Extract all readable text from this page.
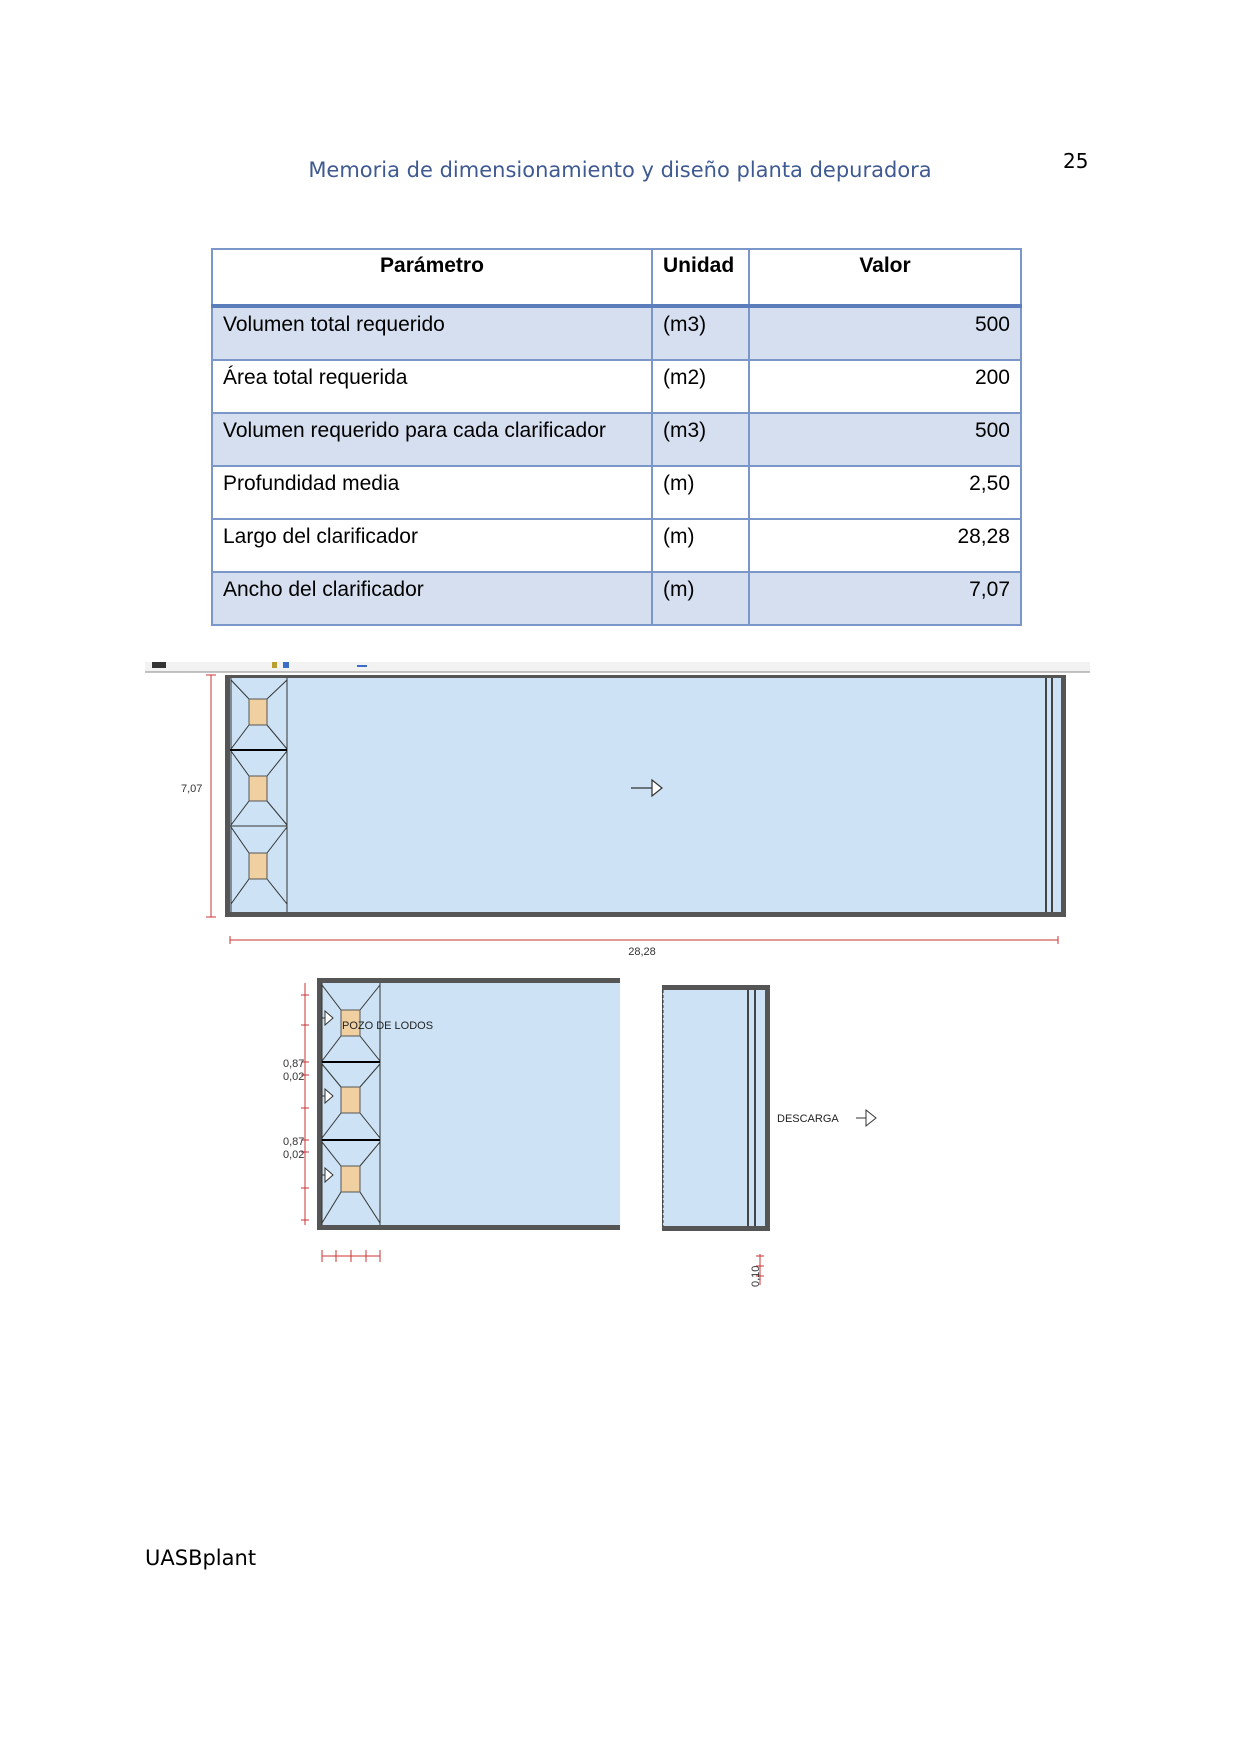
Memoria de dimensionamiento y diseño planta depuradora	25
Parámetro	Unidad	Valor
Volumen total requerido	(m3)	500
Área total requerida	(m2)	200
Volumen requerido para cada clarificador	(m3)	500
Profundidad media	(m)	2,50
Largo del clarificador	(m)	28,28
Ancho del clarificador	(m)	7,07
7,07
28,28
POZO DE LODOS
0,87
0,02
0,87
0,02
DESCARGA
0,10
UASBplant
